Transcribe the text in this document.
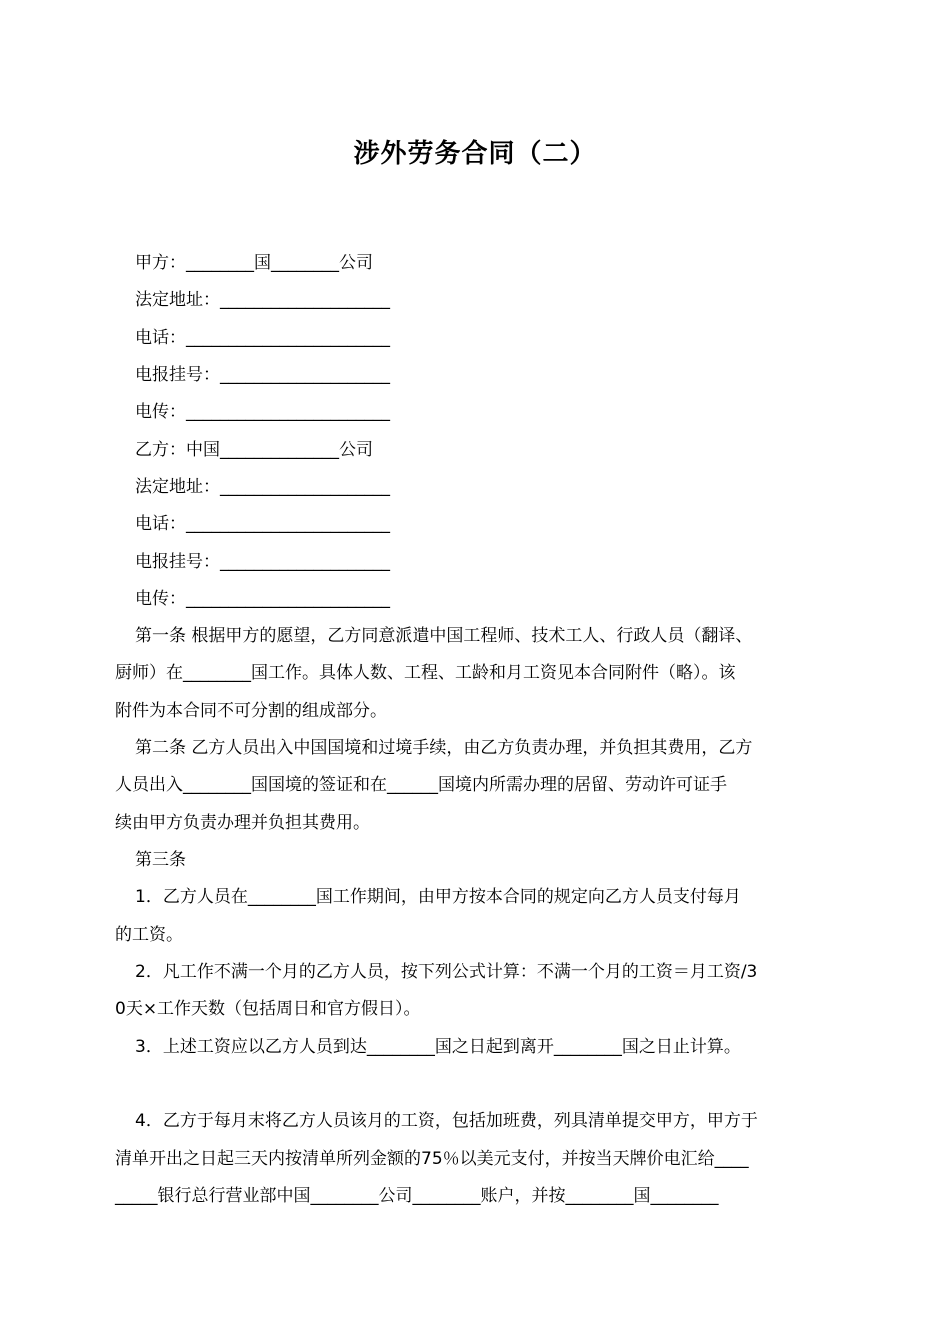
涉外劳务合同（二）
甲方：________国________公司
法定地址：____________________
电话：________________________
电报挂号：____________________
电传：________________________
乙方：中国______________公司
法定地址：____________________
电话：________________________
电报挂号：____________________
电传：________________________
第一条 根据甲方的愿望，乙方同意派遣中国工程师、技术工人、行政人员（翻译、
厨师）在________国工作。具体人数、工程、工龄和月工资见本合同附件（略）。该
附件为本合同不可分割的组成部分。
第二条 乙方人员出入中国国境和过境手续，由乙方负责办理，并负担其费用，乙方
人员出入________国国境的签证和在______国境内所需办理的居留、劳动许可证手
续由甲方负责办理并负担其费用。
第三条
1．乙方人员在________国工作期间，由甲方按本合同的规定向乙方人员支付每月
的工资。
2．凡工作不满一个月的乙方人员，按下列公式计算：不满一个月的工资＝月工资/3
0天×工作天数（包括周日和官方假日）。
3．上述工资应以乙方人员到达________国之日起到离开________国之日止计算。
4．乙方于每月末将乙方人员该月的工资，包括加班费，列具清单提交甲方，甲方于
清单开出之日起三天内按清单所列金额的75％以美元支付，并按当天牌价电汇给____
_____银行总行营业部中国________公司________账户，并按________国________
